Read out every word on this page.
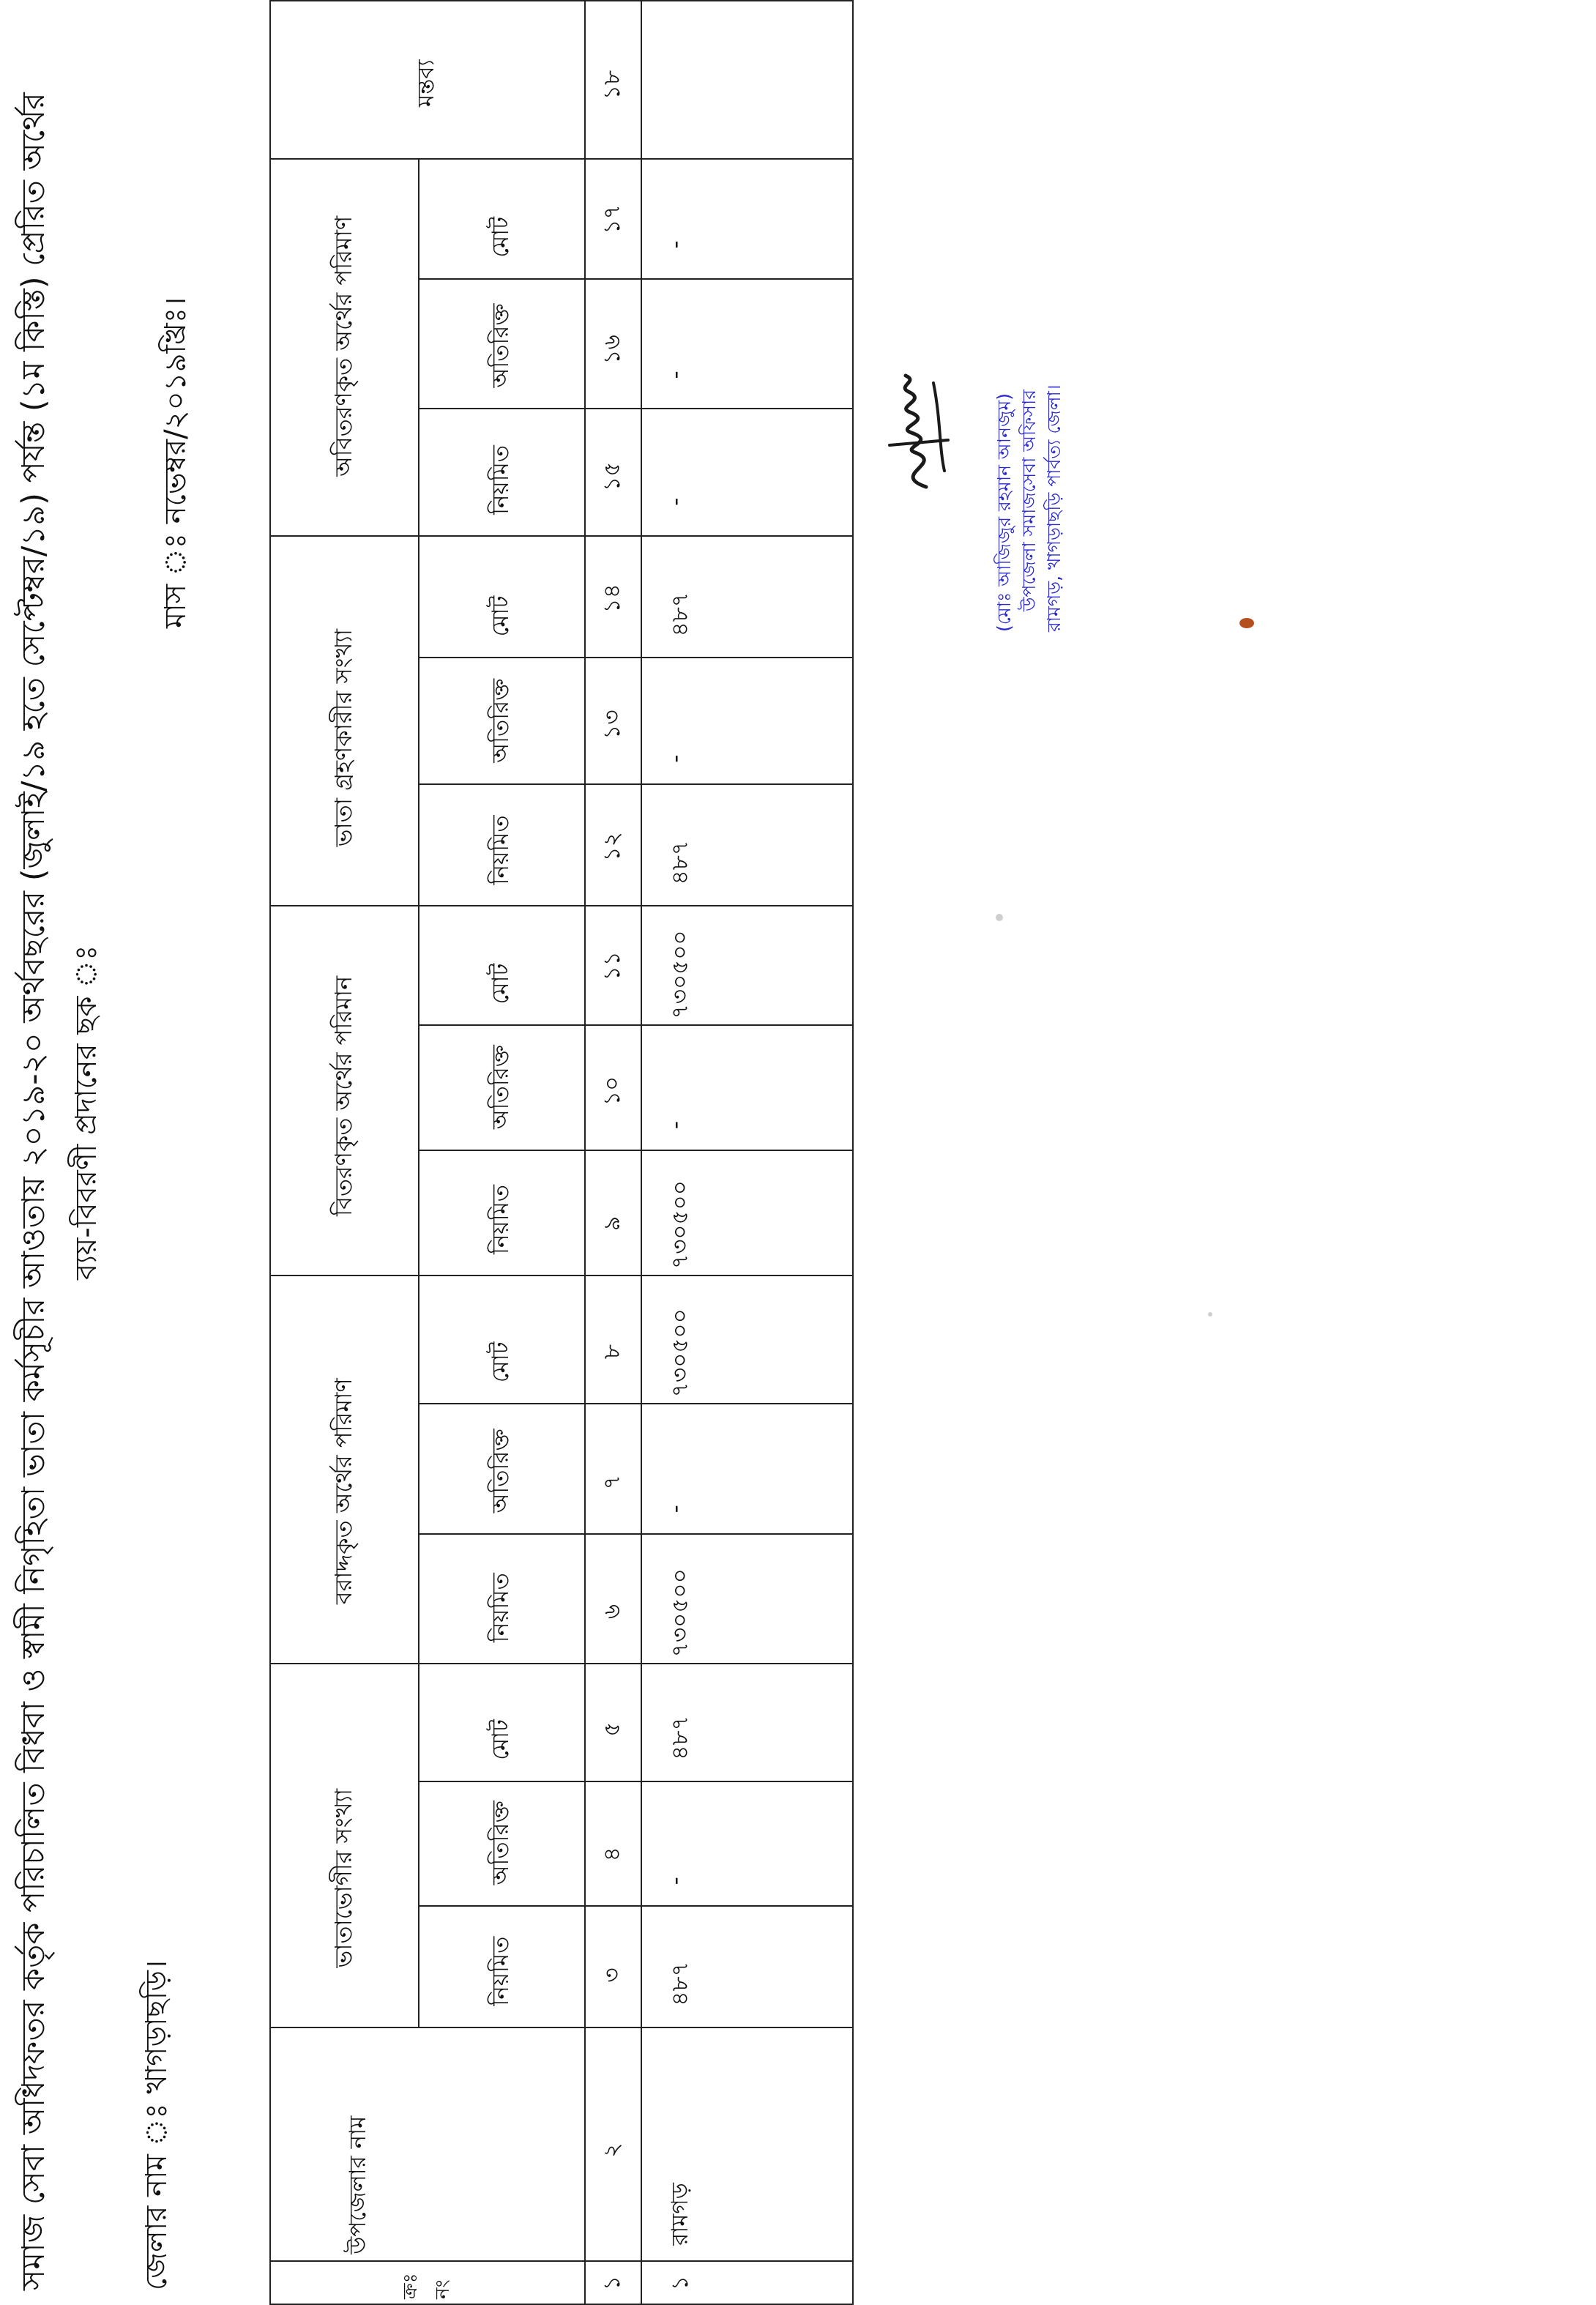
সমাজ সেবা অধিদফতর কর্তৃক পরিচালিত বিধবা ও স্বামী নিগৃহিতা ভাতা কর্মসূচীর আওতায় ২০১৯-২০ অর্থবছরের (জুলাই/১৯ হতে সেপ্টেম্বর/১৯) পর্যন্ত (১ম কিস্তি) প্রেরিত অর্থের ব্যয়-বিবরণী প্রদানের ছক ঃ
জেলার নাম ঃ খাগড়াছড়ি।
মাস ঃ নভেম্বর/২০১৯খ্রিঃ।
ক্রঃ নং	উপজেলার নাম	ভাতাভোগীর সংখ্যা			বরাদ্দকৃত অর্থের পরিমাণ			বিতরণকৃত অর্থের পরিমান			ভাতা গ্রহণকারীর সংখ্যা			অবিতরণকৃত অর্থের পরিমাণ			মন্তব্য
		নিয়মিত	অতিরিক্ত	মোট	নিয়মিত	অতিরিক্ত	মোট	নিয়মিত	অতিরিক্ত	মোট	নিয়মিত	অতিরিক্ত	মোট	নিয়মিত	অতিরিক্ত	মোট	
১	২	৩	৪	৫	৬	৭	৮	৯	১০	১১	১২	১৩	১৪	১৫	১৬	১৭	১৮
১	রামগড়	৪৮৭	-	৪৮৭	৭৩০৫০০	-	৭৩০৫০০	৭৩০৫০০	-	৭৩০৫০০	৪৮৭	-	৪৮৭	-	-	-	
(মোঃ আজিজুর রহমান আনজুম) উপজেলা সমাজসেবা অফিসার রামগড়, খাগড়াছড়ি পার্বত্য জেলা।
